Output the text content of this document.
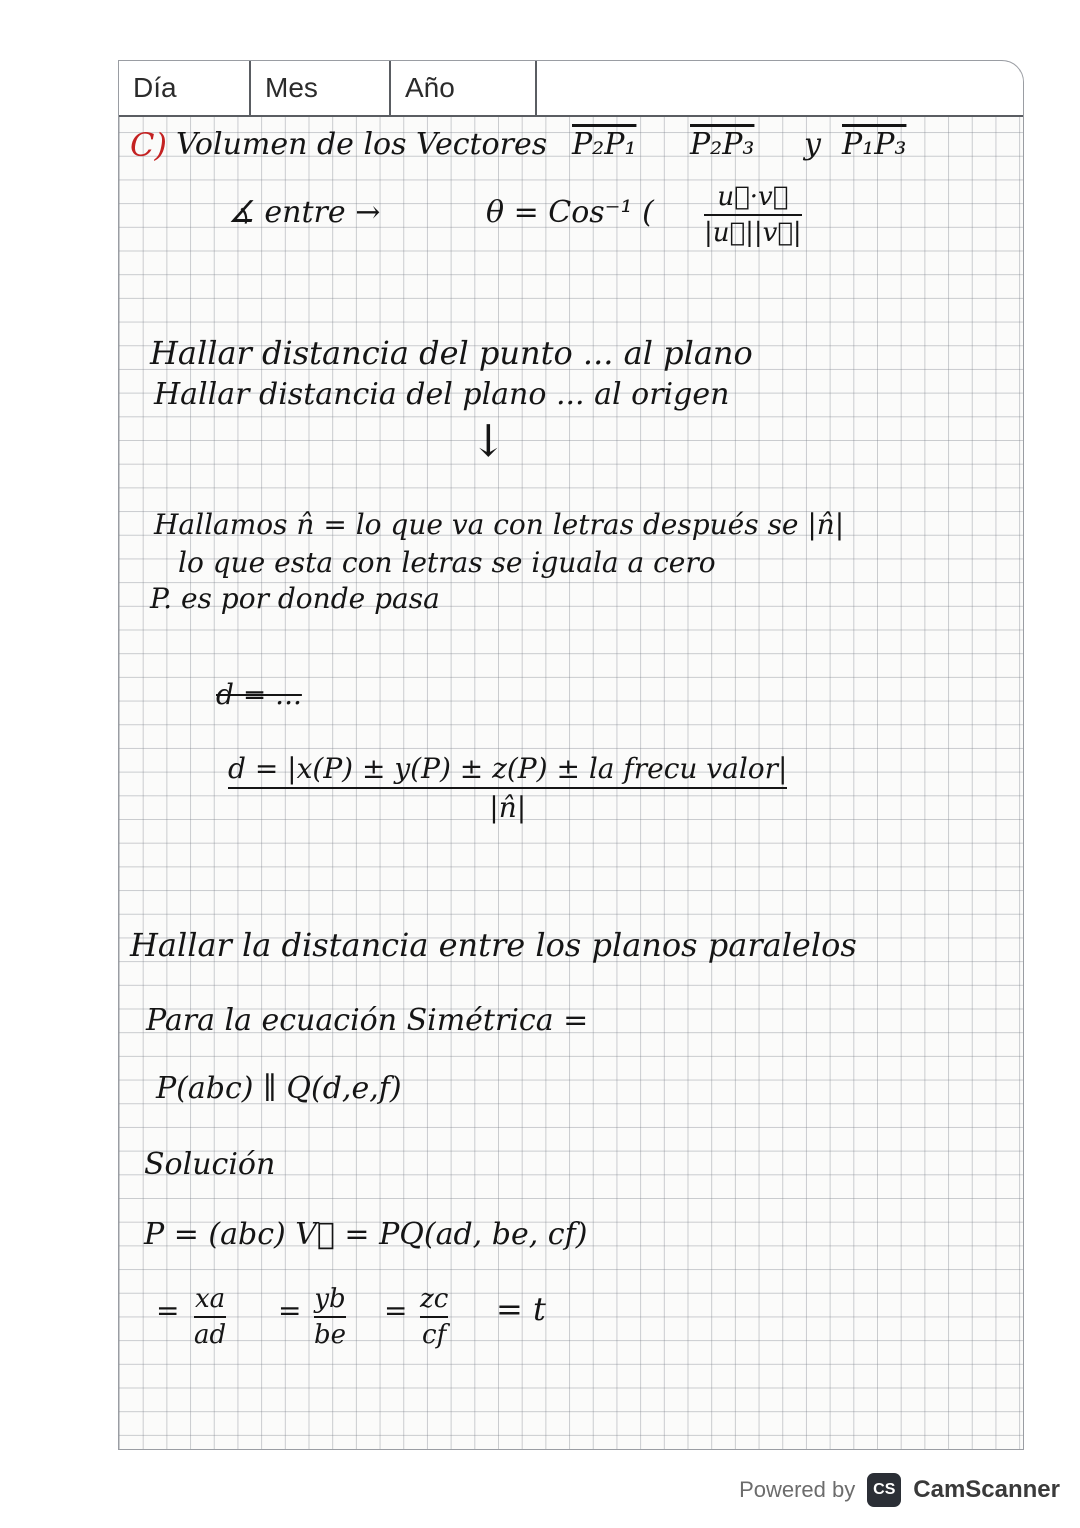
Día	Mes	Año
C) Volumen de los Vectores P₂P₁ P₂P₃ y P₁P₃
∡ entre →	θ = Cos⁻¹ ( u⃗·v⃗
|u⃗||v⃗|
Hallar distancia del punto ... al plano
Hallar distancia del plano ... al origen
↓
Hallamos n̂ = lo que va con letras después se |n̂|
lo que esta con letras se iguala a cero
P. es por donde pasa
d = ...
d = |x(P) ± y(P) ± z(P) ± la frecu valor|
|n̂|
Hallar la distancia entre los planos paralelos
Para la ecuación Simétrica =
P(abc) ∥ Q(d,e,f)
Solución
P = (abc) V⃗ = PQ(ad, be, cf)
= xa
ad
= yb
be
= zc
cf
= t
Powered by	CS CamScanner
